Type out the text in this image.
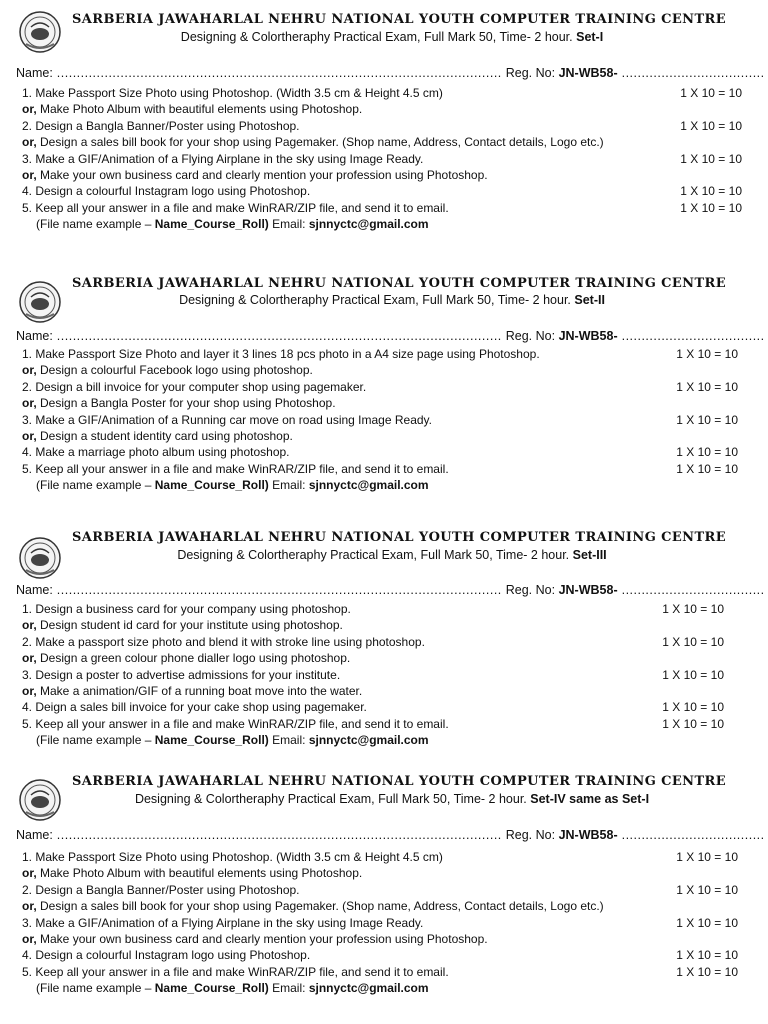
SARBERIA JAWAHARLAL NEHRU NATIONAL YOUTH COMPUTER TRAINING CENTRE
Designing & Colortheraphy Practical Exam, Full Mark 50, Time- 2 hour. Set-I
Name: ................................................................................................................ Reg. No: JN-WB58- ....................................
1. Make Passport Size Photo using Photoshop. (Width 3.5 cm & Height 4.5 cm)	1 X 10 = 10
or, Make Photo Album with beautiful elements using Photoshop.
2. Design a Bangla Banner/Poster using Photoshop.	1 X 10 = 10
or, Design a sales bill book for your shop using Pagemaker. (Shop name, Address, Contact details, Logo etc.)
3. Make a GIF/Animation of a Flying Airplane in the sky using Image Ready.	1 X 10 = 10
or, Make your own business card and clearly mention your profession using Photoshop.
4. Design a colourful Instagram logo using Photoshop.	1 X 10 = 10
5. Keep all your answer in a file and make WinRAR/ZIP file, and send it to email.	1 X 10 = 10
(File name example – Name_Course_Roll) Email: sjnnyctc@gmail.com
SARBERIA JAWAHARLAL NEHRU NATIONAL YOUTH COMPUTER TRAINING CENTRE
Designing & Colortheraphy Practical Exam, Full Mark 50, Time- 2 hour. Set-II
Name: ................................................................................................................ Reg. No: JN-WB58- ....................................
1. Make Passport Size Photo and layer it 3 lines 18 pcs photo in a A4 size page using Photoshop.	1 X 10 = 10
or, Design a colourful Facebook logo using photoshop.
2. Design a bill invoice for your computer shop using pagemaker.	1 X 10 = 10
or, Design a Bangla Poster for your shop using Photoshop.
3. Make a GIF/Animation of a Running car move on road using Image Ready.	1 X 10 = 10
or, Design a student identity card using photoshop.
4. Make a marriage photo album using photoshop.	1 X 10 = 10
5. Keep all your answer in a file and make WinRAR/ZIP file, and send it to email.	1 X 10 = 10
(File name example – Name_Course_Roll) Email: sjnnyctc@gmail.com
SARBERIA JAWAHARLAL NEHRU NATIONAL YOUTH COMPUTER TRAINING CENTRE
Designing & Colortheraphy Practical Exam, Full Mark 50, Time- 2 hour. Set-III
Name: ................................................................................................................ Reg. No: JN-WB58- ....................................
1. Design a business card for your company using photoshop.	1 X 10 = 10
or, Design student id card for your institute using photoshop.
2. Make a passport size photo and blend it with stroke line using photoshop.	1 X 10 = 10
or, Design a green colour phone dialler logo using photoshop.
3. Design a poster to advertise admissions for your institute.	1 X 10 = 10
or, Make a animation/GIF of a running boat move into the water.
4. Deign a sales bill invoice for your cake shop using pagemaker.	1 X 10 = 10
5. Keep all your answer in a file and make WinRAR/ZIP file, and send it to email.	1 X 10 = 10
(File name example – Name_Course_Roll) Email: sjnnyctc@gmail.com
SARBERIA JAWAHARLAL NEHRU NATIONAL YOUTH COMPUTER TRAINING CENTRE
Designing & Colortheraphy Practical Exam, Full Mark 50, Time- 2 hour. Set-IV same as Set-I
Name: ................................................................................................................ Reg. No: JN-WB58- ....................................
1. Make Passport Size Photo using Photoshop. (Width 3.5 cm & Height 4.5 cm)	1 X 10 = 10
or, Make Photo Album with beautiful elements using Photoshop.
2. Design a Bangla Banner/Poster using Photoshop.	1 X 10 = 10
or, Design a sales bill book for your shop using Pagemaker. (Shop name, Address, Contact details, Logo etc.)
3. Make a GIF/Animation of a Flying Airplane in the sky using Image Ready.	1 X 10 = 10
or, Make your own business card and clearly mention your profession using Photoshop.
4. Design a colourful Instagram logo using Photoshop.	1 X 10 = 10
5. Keep all your answer in a file and make WinRAR/ZIP file, and send it to email.	1 X 10 = 10
(File name example – Name_Course_Roll) Email: sjnnyctc@gmail.com
